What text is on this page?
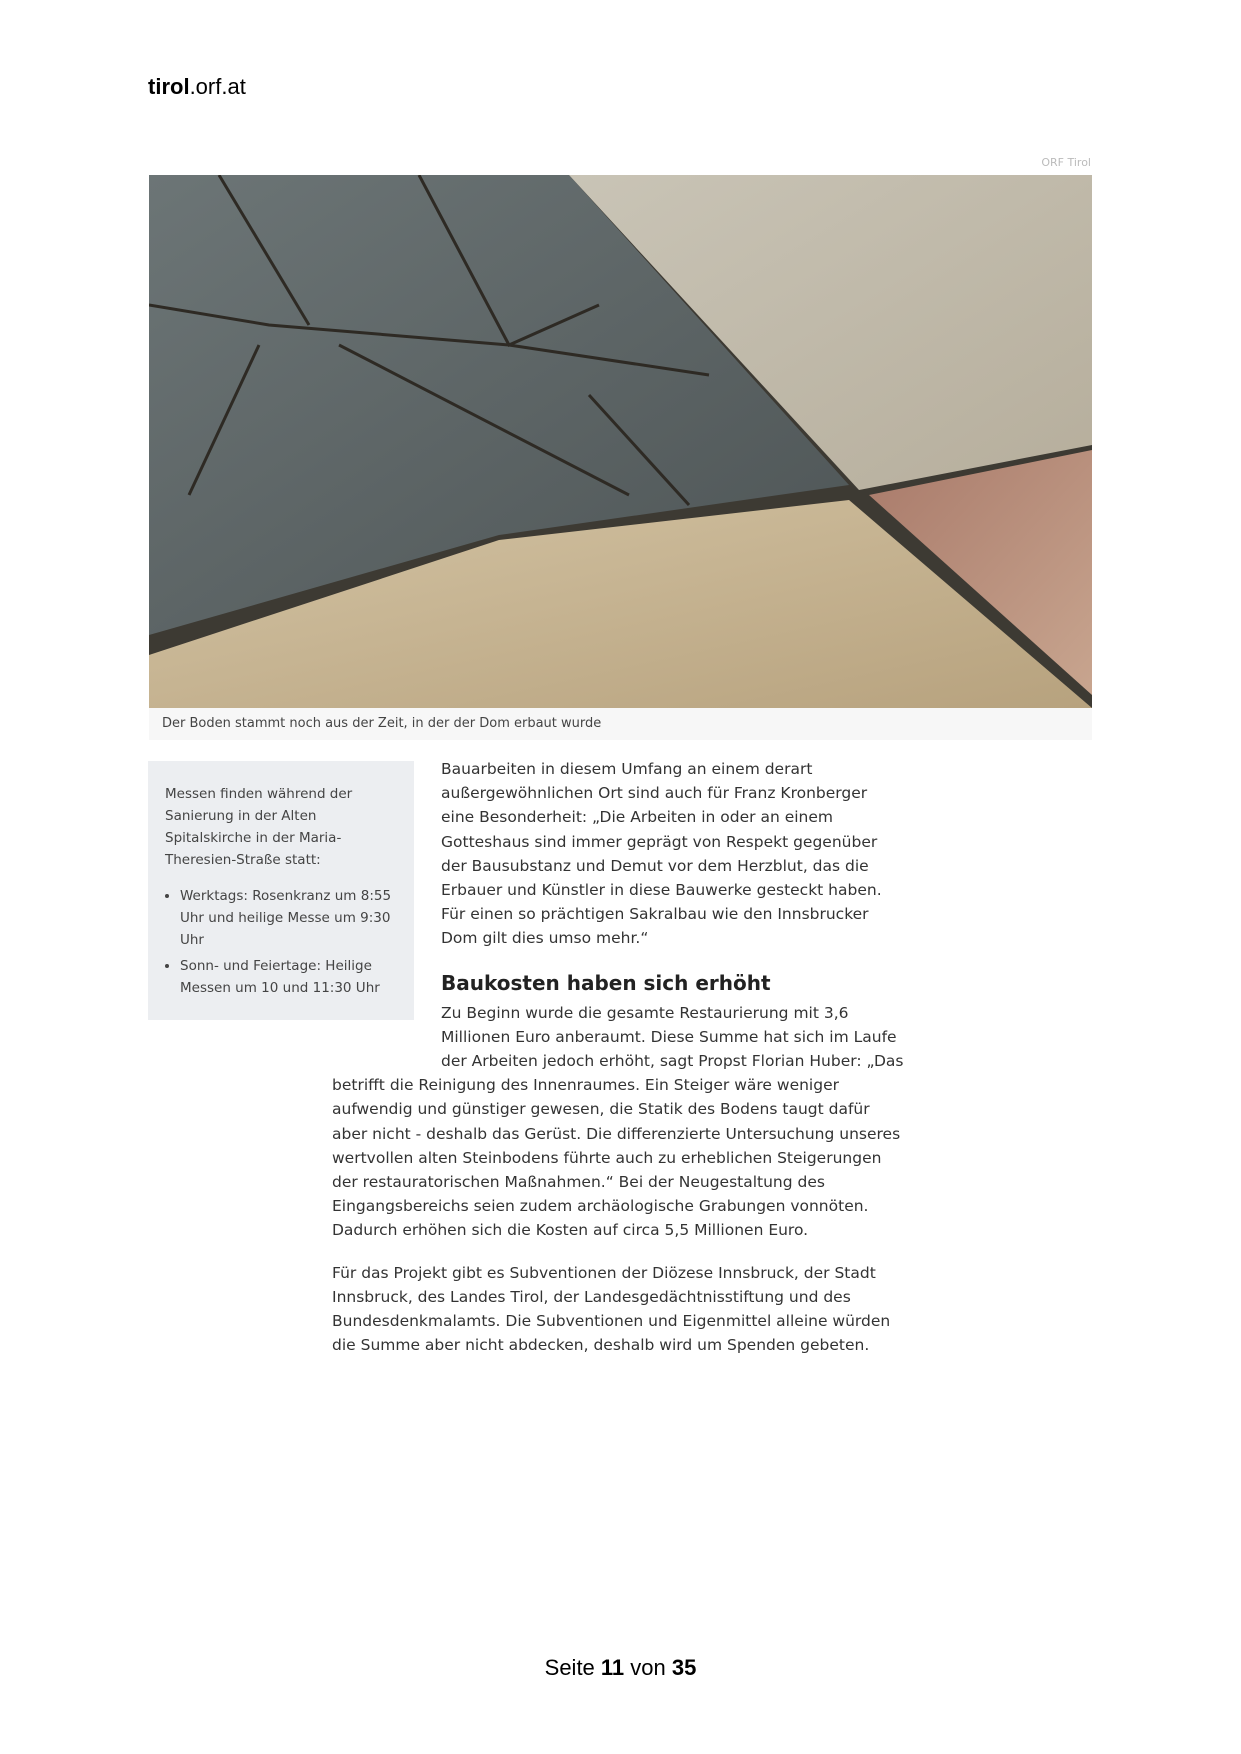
tirol.orf.at
ORF Tirol
Der Boden stammt noch aus der Zeit, in der der Dom erbaut wurde

Messen finden während der Sanierung in der Alten Spitalskirche in der Maria-Theresien-Straße statt:

• Werktags: Rosenkranz um 8:55 Uhr und heilige Messe um 9:30 Uhr
• Sonn- und Feiertage: Heilige Messen um 10 und 11:30 Uhr

Bauarbeiten in diesem Umfang an einem derart außergewöhnlichen Ort sind auch für Franz Kronberger eine Besonderheit: „Die Arbeiten in oder an einem Gotteshaus sind immer geprägt von Respekt gegenüber der Bausubstanz und Demut vor dem Herzblut, das die Erbauer und Künstler in diese Bauwerke gesteckt haben. Für einen so prächtigen Sakralbau wie den Innsbrucker Dom gilt dies umso mehr.“

Baukosten haben sich erhöht

Zu Beginn wurde die gesamte Restaurierung mit 3,6 Millionen Euro anberaumt. Diese Summe hat sich im Laufe der Arbeiten jedoch erhöht, sagt Propst Florian Huber: „Das betrifft die Reinigung des Innenraumes. Ein Steiger wäre weniger aufwendig und günstiger gewesen, die Statik des Bodens taugt dafür aber nicht - deshalb das Gerüst. Die differenzierte Untersuchung unseres wertvollen alten Steinbodens führte auch zu erheblichen Steigerungen der restauratorischen Maßnahmen.“ Bei der Neugestaltung des Eingangsbereichs seien zudem archäologische Grabungen vonnöten. Dadurch erhöhen sich die Kosten auf circa 5,5 Millionen Euro.

Für das Projekt gibt es Subventionen der Diözese Innsbruck, der Stadt Innsbruck, des Landes Tirol, der Landesgedächtnisstiftung und des Bundesdenkmalamts. Die Subventionen und Eigenmittel alleine würden die Summe aber nicht abdecken, deshalb wird um Spenden gebeten.

Seite 11 von 35
